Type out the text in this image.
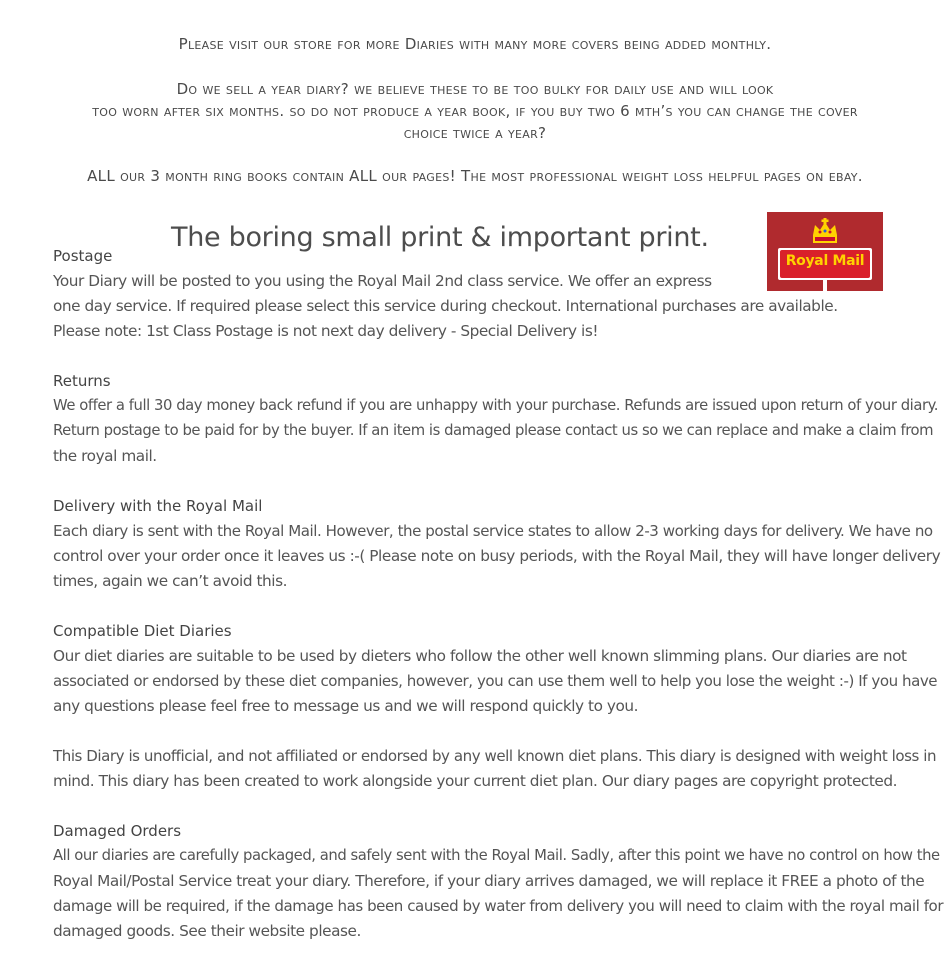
Please visit our store for more Diaries with many more covers being added monthly.
Do we sell a year diary? we believe these to be too bulky for daily use and will look
too worn after six months. so do not produce a year book, if you buy two 6 mth’s you can change the cover
choice twice a year?
ALL our 3 month ring books contain ALL our pages! The most professional weight loss helpful pages on ebay.
The boring small print & important print.
Royal Mail
Postage
Your Diary will be posted to you using the Royal Mail 2nd class service. We offer an express
one day service. If required please select this service during checkout. International purchases are available.
Please note: 1st Class Postage is not next day delivery - Special Delivery is!
Returns
We offer a full 30 day money back refund if you are unhappy with your purchase. Refunds are issued upon return of your diary.
Return postage to be paid for by the buyer. If an item is damaged please contact us so we can replace and make a claim from
the royal mail.
Delivery with the Royal Mail
Each diary is sent with the Royal Mail. However, the postal service states to allow 2-3 working days for delivery. We have no
control over your order once it leaves us :-( Please note on busy periods, with the Royal Mail, they will have longer delivery
times, again we can’t avoid this.
Compatible Diet Diaries
Our diet diaries are suitable to be used by dieters who follow the other well known slimming plans. Our diaries are not
associated or endorsed by these diet companies, however, you can use them well to help you lose the weight :-) If you have
any questions please feel free to message us and we will respond quickly to you.
This Diary is unofficial, and not affiliated or endorsed by any well known diet plans. This diary is designed with weight loss in
mind. This diary has been created to work alongside your current diet plan. Our diary pages are copyright protected.
Damaged Orders
All our diaries are carefully packaged, and safely sent with the Royal Mail. Sadly, after this point we have no control on how the
Royal Mail/Postal Service treat your diary. Therefore, if your diary arrives damaged, we will replace it FREE a photo of the
damage will be required, if the damage has been caused by water from delivery you will need to claim with the royal mail for
damaged goods. See their website please.
